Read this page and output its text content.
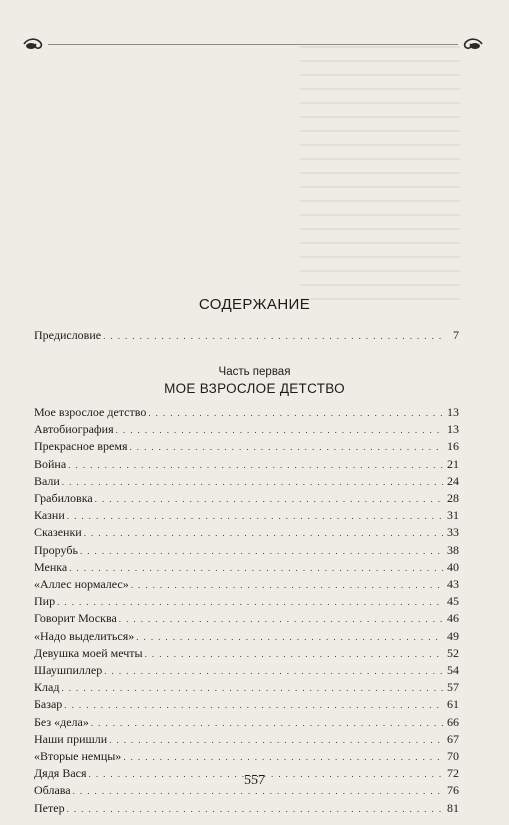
СОДЕРЖАНИЕ
Предисловие . . .	7
Часть первая
МОЕ ВЗРОСЛОЕ ДЕТСТВО
Мое взрослое детство . . .	13
Автобиография . . .	13
Прекрасное время . . .	16
Война . . .	21
Вали . . .	24
Грабиловка . . .	28
Казни . . .	31
Сказенки . . .	33
Прорубь . . .	38
Менка . . .	40
«Аллес нормалес» . . .	43
Пир . . .	45
Говорит Москва . . .	46
«Надо выделиться» . . .	49
Девушка моей мечты . . .	52
Шаушпиллер . . .	54
Клад . . .	57
Базар . . .	61
Без «дела» . . .	66
Наши пришли . . .	67
«Вторые немцы» . . .	70
Дядя Вася . . .	72
Облава . . .	76
Петер . . .	81
557
